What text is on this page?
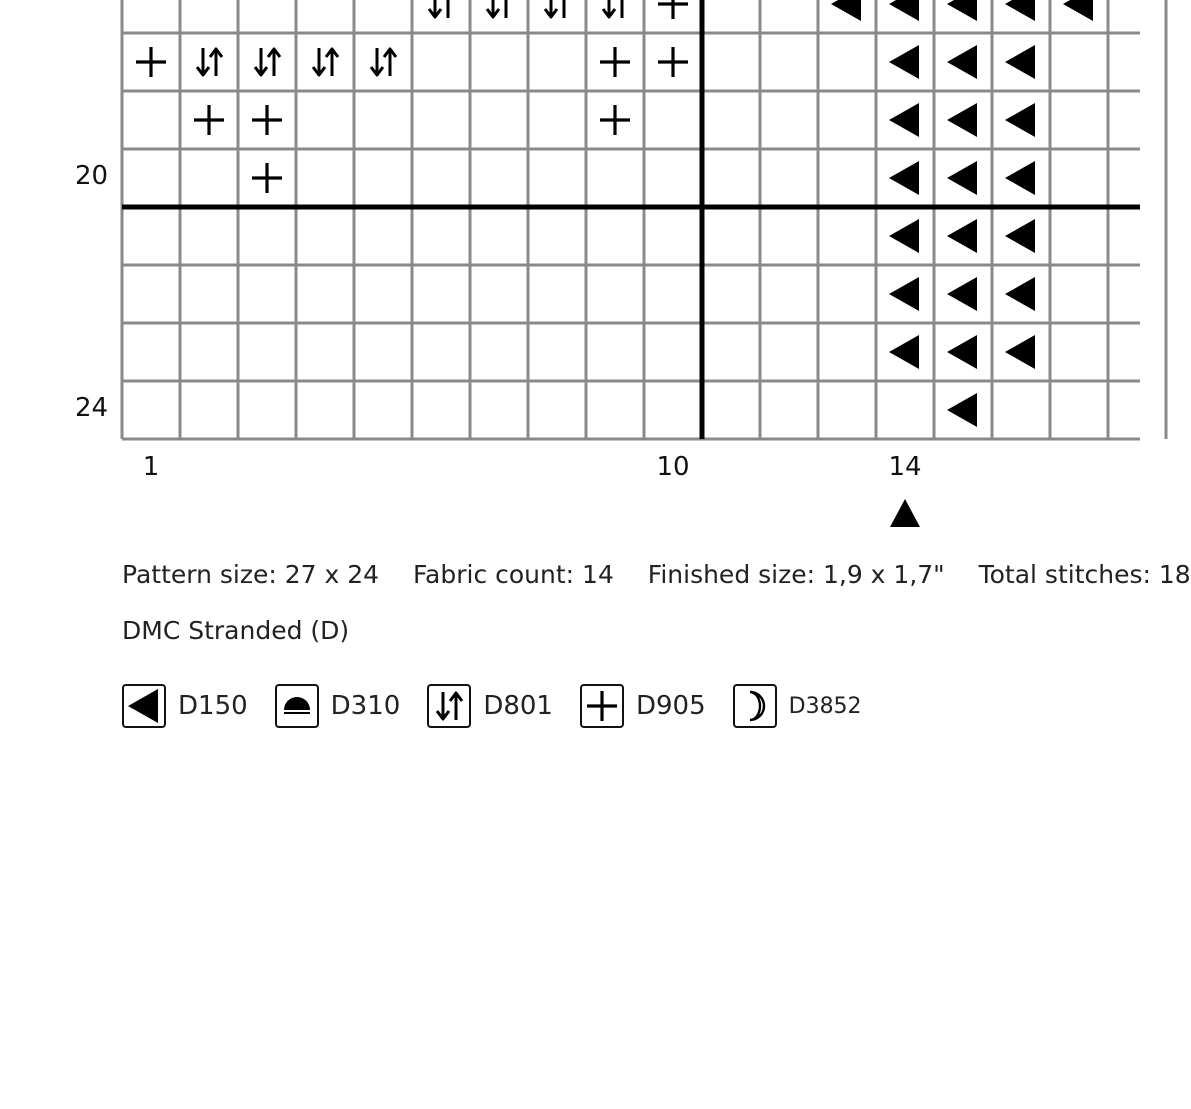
20
24
1	10	14
Pattern size: 27 x 24 Fabric count: 14 Finished size: 1,9 x 1,7" Total stitches: 18
DMC Stranded (D)
D150	D310	D801	D905	D3852
